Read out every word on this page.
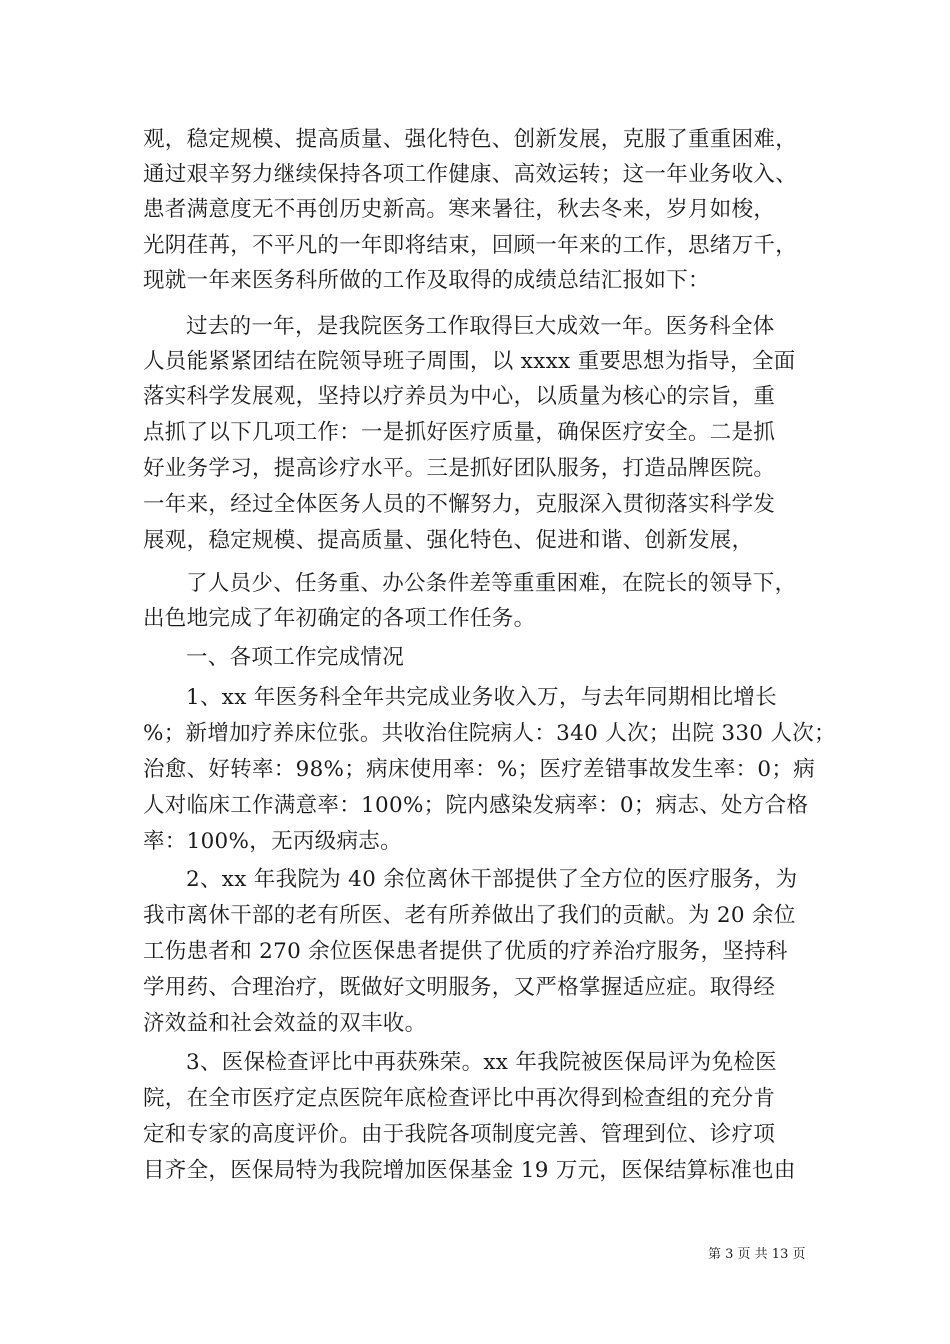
观，稳定规模、提高质量、强化特色、创新发展，克服了重重困难，
通过艰辛努力继续保持各项工作健康、高效运转；这一年业务收入、
患者满意度无不再创历史新高。寒来暑往，秋去冬来，岁月如梭，
光阴荏苒，不平凡的一年即将结束，回顾一年来的工作，思绪万千，
现就一年来医务科所做的工作及取得的成绩总结汇报如下：
过去的一年，是我院医务工作取得巨大成效一年。医务科全体
人员能紧紧团结在院领导班子周围，以 xxxx 重要思想为指导，全面
落实科学发展观，坚持以疗养员为中心，以质量为核心的宗旨，重
点抓了以下几项工作：一是抓好医疗质量，确保医疗安全。二是抓
好业务学习，提高诊疗水平。三是抓好团队服务，打造品牌医院。
一年来，经过全体医务人员的不懈努力，克服深入贯彻落实科学发
展观，稳定规模、提高质量、强化特色、促进和谐、创新发展，
了人员少、任务重、办公条件差等重重困难，在院长的领导下，
出色地完成了年初确定的各项工作任务。
一、各项工作完成情况
1、xx 年医务科全年共完成业务收入万，与去年同期相比增长
%；新增加疗养床位张。共收治住院病人：340 人次；出院 330 人次；
治愈、好转率：98%；病床使用率：%；医疗差错事故发生率：0；病
人对临床工作满意率：100%；院内感染发病率：0；病志、处方合格
率：100%，无丙级病志。
2、xx 年我院为 40 余位离休干部提供了全方位的医疗服务，为
我市离休干部的老有所医、老有所养做出了我们的贡献。为 20 余位
工伤患者和 270 余位医保患者提供了优质的疗养治疗服务，坚持科
学用药、合理治疗，既做好文明服务，又严格掌握适应症。取得经
济效益和社会效益的双丰收。
3、医保检查评比中再获殊荣。xx 年我院被医保局评为免检医
院，在全市医疗定点医院年底检查评比中再次得到检查组的充分肯
定和专家的高度评价。由于我院各项制度完善、管理到位、诊疗项
目齐全，医保局特为我院增加医保基金 19 万元，医保结算标准也由
第 3 页 共 13 页
